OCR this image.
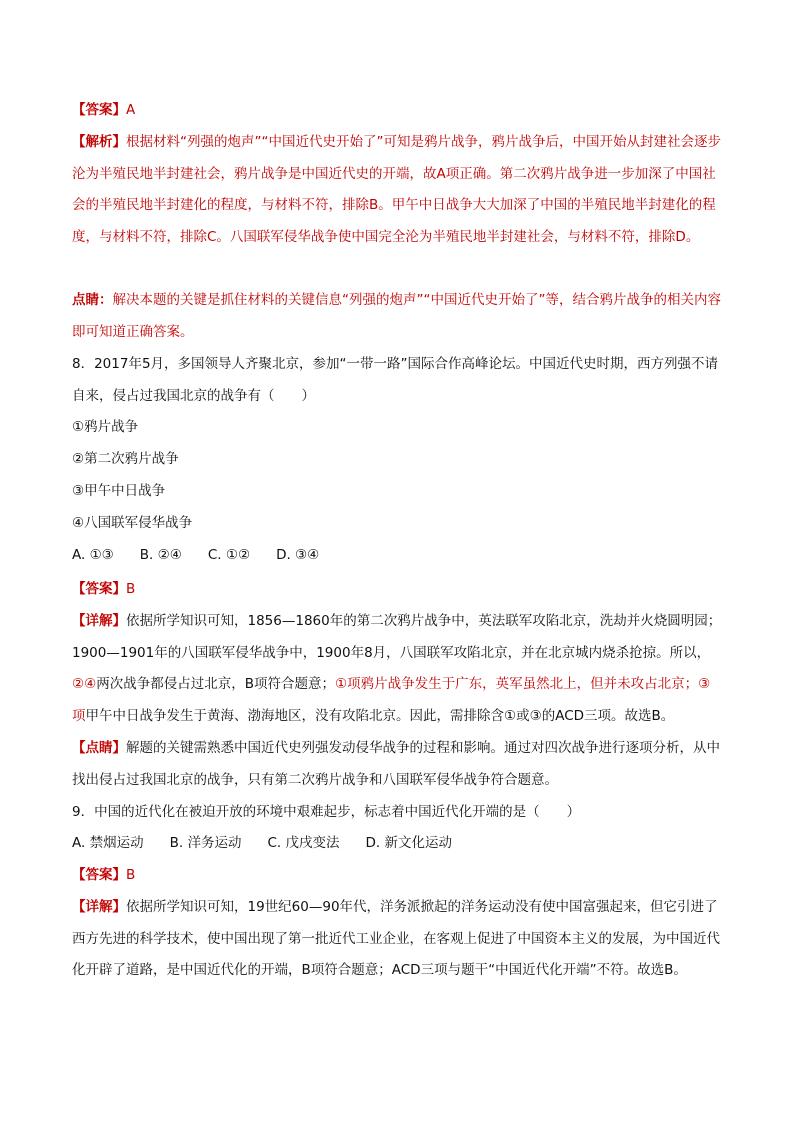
【答案】A

【解析】根据材料“列强的炮声”“中国近代史开始了”可知是鸦片战争，鸦片战争后，中国开始从封建社会逐步沦为半殖民地半封建社会，鸦片战争是中国近代史的开端，故A项正确。第二次鸦片战争进一步加深了中国社会的半殖民地半封建化的程度，与材料不符，排除B。甲午中日战争大大加深了中国的半殖民地半封建化的程度，与材料不符，排除C。八国联军侵华战争使中国完全沦为半殖民地半封建社会，与材料不符，排除D。

点睛：解决本题的关键是抓住材料的关键信息“列强的炮声”“中国近代史开始了”等，结合鸦片战争的相关内容即可知道正确答案。

8．2017年5月，多国领导人齐聚北京，参加“一带一路”国际合作高峰论坛。中国近代史时期，西方列强不请自来，侵占过我国北京的战争有（　　）

①鸦片战争

②第二次鸦片战争

③甲午中日战争

④八国联军侵华战争

A. ①③ B. ②④ C. ①② D. ③④

【答案】B

【详解】依据所学知识可知，1856—1860年的第二次鸦片战争中，英法联军攻陷北京，洗劫并火烧圆明园；1900—1901年的八国联军侵华战争中，1900年8月，八国联军攻陷北京，并在北京城内烧杀抢掠。所以，②④两次战争都侵占过北京，B项符合题意；①项鸦片战争发生于广东，英军虽然北上，但并未攻占北京；③项甲午中日战争发生于黄海、渤海地区，没有攻陷北京。因此，需排除含①或③的ACD三项。故选B。

【点睛】解题的关键需熟悉中国近代史列强发动侵华战争的过程和影响。通过对四次战争进行逐项分析，从中找出侵占过我国北京的战争，只有第二次鸦片战争和八国联军侵华战争符合题意。

9．中国的近代化在被迫开放的环境中艰难起步，标志着中国近代化开端的是（　　）

A. 禁烟运动 B. 洋务运动 C. 戊戌变法 D. 新文化运动

【答案】B

【详解】依据所学知识可知，19世纪60—90年代，洋务派掀起的洋务运动没有使中国富强起来，但它引进了西方先进的科学技术，使中国出现了第一批近代工业企业，在客观上促进了中国资本主义的发展，为中国近代化开辟了道路，是中国近代化的开端，B项符合题意；ACD三项与题干“中国近代化开端”不符。故选B。
